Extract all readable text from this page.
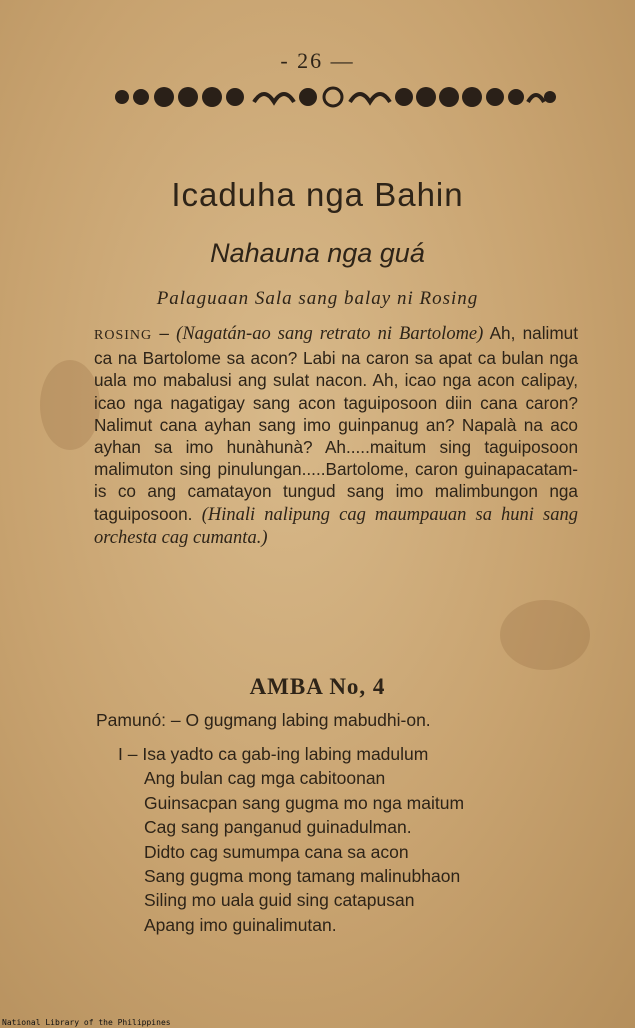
- 26 —
Icaduha nga Bahin
Nahauna nga guá
Palaguaan Sala sang balay ni Rosing
ROSING – (Nagatán-ao sang retrato ni Bartolome) Ah, nalimut ca na Bartolome sa acon? Labi na caron sa apat ca bulan nga uala mo mabalusi ang sulat nacon. Ah, icao nga acon calipay, icao nga nagatigay sang acon taguiposoon diin cana caron? Nalimut cana ayhan sang imo guinpanug an? Napalà na aco ayhan sa imo hunàhunà? Ah.....maitum sing taguiposoon malimuton sing pinulungan.....Bartolome, caron guinapacatam-is co ang camatayon tungud sang imo malimbungon nga taguiposoon. (Hinali nalipung cag maumpauan sa huni sang orchesta cag cumanta.)
AMBA No, 4
Pamunó: – O gugmang labing mabudhi-on.
I – Isa yadto ca gab-ing labing madulum
Ang bulan cag mga cabitoonan
Guinsacpan sang gugma mo nga maitum
Cag sang panganud guinadulman.
Didto cag sumumpa cana sa acon
Sang gugma mong tamang malinubhaon
Siling mo uala guid sing catapusan
Apang imo guinalimutan.
National Library of the Philippines
